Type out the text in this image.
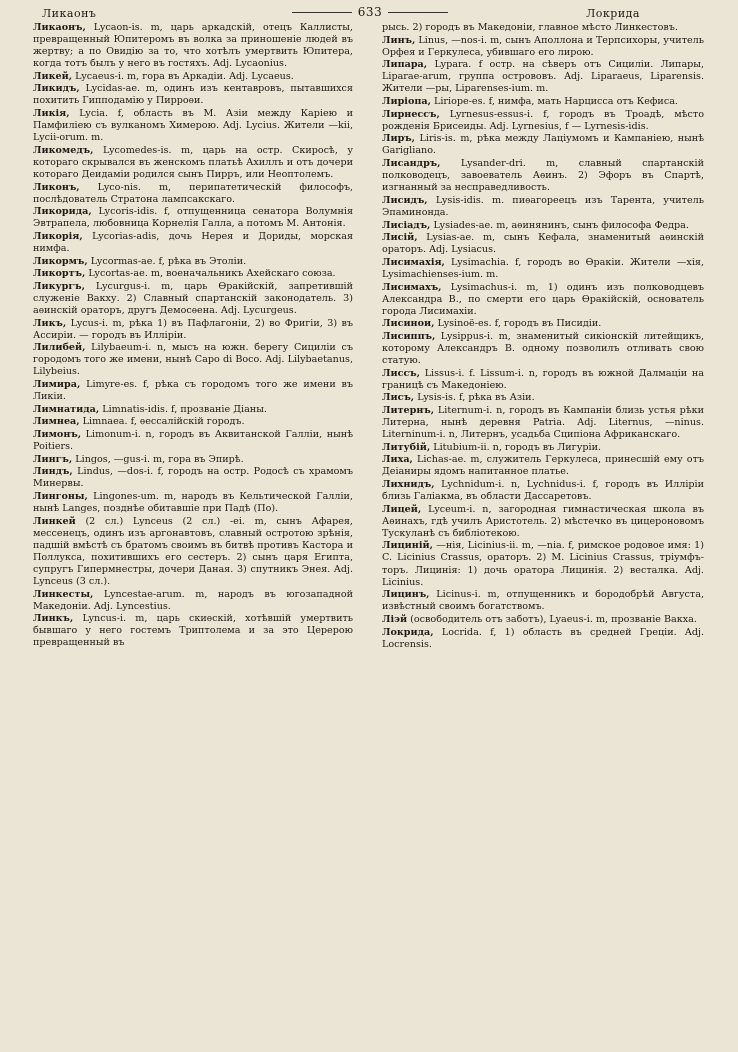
Ликаонъ	633	Локрида
Ликаонъ, Lycaon-is. m, царь аркадскій, отецъ Каллисты, превращенный Юпитеромъ въ волка за приношеніе людей въ жертву; а по Овидію за то, что хотѣлъ умертвить Юпитера, когда тотъ былъ у него въ гостяхъ. Adj. Lycaonius.
Ликей, Lycaeus-i. m, гора въ Аркадіи. Adj. Lycaeus.
Ликидъ, Lycidas-ae. m, одинъ изъ кентавровъ, пытавшихся похитить Гипподамію у Пирроѳи.
Ликія, Lycia. f, область въ М. Азіи между Каріею и Памфиліею съ вулканомъ Химерою. Adj. Lycius. Жители —kii, Lycii-orum. m.
Ликомедъ, Lycomedes-is. m, царь на остр. Скиросѣ, у котораго скрывался въ женскомъ платьѣ Ахиллъ и отъ дочери котораго Деидаміи родился сынъ Пирръ, или Неоптолемъ.
Ликонъ, Lyco-nis. m, перипатетическій философъ, послѣдователь Стратона лампсакскаго.
Ликорида, Lycoris-idis. f, отпущенница сенатора Волумнія Эвтрапела, любовница Корнелія Галла, а потомъ М. Антонія.
Ликорія, Lycorias-adis, дочь Нерея и Дориды, морская нимфа.
Ликормъ, Lycormas-ae. f, рѣка въ Этоліи.
Ликортъ, Lycortas-ae. m, военачальникъ Ахейскаго союза.
Ликургъ, Lycurgus-i. m, царь Ѳракійскій, запретившій служеніе Вакху. 2) Славный спартанскій законодатель. 3) аѳинскій ораторъ, другъ Демосѳена. Adj. Lycurgeus.
Ликъ, Lycus-i. m, рѣка 1) въ Пафлагоніи, 2) во Фригіи, 3) въ Ассиріи. — городъ въ Илліріи.
Лилибей, Lilybaeum-i. n, мысъ на южн. берегу Сициліи съ городомъ того же имени, нынѣ Capo di Boco. Adj. Lilybaetanus, Lilybeius.
Лимира, Limyre-es. f, рѣка съ городомъ того же имени въ Ликіи.
Лимнатида, Limnatis-idis. f, прозваніе Діаны.
Лимнеа, Limnaea. f, ѳессалійскій городъ.
Лимонъ, Limonum-i. n, городъ въ Аквитанской Галліи, нынѣ Poitiers.
Лингъ, Lingos, —gus-i. m, гора въ Эпирѣ.
Линдъ, Lindus, —dos-i. f, городъ на остр. Родосѣ съ храмомъ Минервы.
Лингоны, Lingones-um. m, народъ въ Кельтической Галліи, нынѣ Langes, позднѣе обитавшіе при Падѣ (По).
Линкей (2 сл.) Lynceus (2 сл.) -ei. m, сынъ Афарея, мессенецъ, одинъ изъ аргонавтовъ, славный остротою зрѣнія, падшій вмѣстѣ съ братомъ своимъ въ битвѣ противъ Кастора и Поллукса, похитившихъ его сестеръ. 2) сынъ царя Египта, супругъ Гипермнестры, дочери Даная. 3) спутникъ Энея. Adj. Lynceus (3 сл.).
Линкесты, Lyncestae-arum. m, народъ въ югозападной Македоніи. Adj. Lyncestius.
Линкъ, Lyncus-i. m, царь скиѳскій, хотѣвшій умертвить бывшаго у него гостемъ Триптолема и за это Церерою превращенный въ
рысь. 2) городъ въ Македоніи, главное мѣсто Линкестовъ.
Линъ, Linus, —nos-i. m, сынъ Аполлона и Терпсихоры, учитель Орфея и Геркулеса, убившаго его лирою.
Липара, Lypara. f остр. на сѣверъ отъ Сициліи. Липары, Liparae-arum, группа острововъ. Adj. Liparaeus, Liparensis. Жители —ры, Liparenses-ium. m.
Лиріопа, Liriope-es. f, нимфа, мать Нарцисса отъ Кефиса.
Лирнессъ, Lyrnesus-essus-i. f, городъ въ Троадѣ, мѣсто рожденія Брисеиды. Adj. Lyrnesius, f — Lyrnesis-idis.
Лиръ, Liris-is. m, рѣка между Лаціумомъ и Кампаніею, нынѣ Garigliano.
Лисандръ, Lysander-dri. m, славный спартанскій полководецъ, завоеватель Аѳинъ. 2) Эфоръ въ Спартѣ, изгнанный за несправедливость.
Лисидъ, Lysis-idis. m. пиѳагореецъ изъ Тарента, учитель Эпаминонда.
Лисіадъ, Lysiades-ae. m, аѳинянинъ, сынъ философа Федра.
Лисій, Lysias-ae. m, сынъ Кефала, знаменитый аѳинскій ораторъ. Adj. Lysiacus.
Лисимахія, Lysimachia. f, городъ во Ѳракіи. Жители —хія, Lysimachienses-ium. m.
Лисимахъ, Lysimachus-i. m, 1) одинъ изъ полководцевъ Александра В., по смерти его царь Ѳракійскій, основатель города Лисимахіи.
Лисинои, Lysinoë-es. f, городъ въ Писидіи.
Лисиппъ, Lysippus-i. m, знаменитый сикіонскій литейщикъ, которому Александръ В. одному позволилъ отливать свою статую.
Лиссъ, Lissus-i. f. Lissum-i. n, городъ въ южной Далмаціи на границѣ съ Македоніею.
Лисъ, Lysis-is. f, рѣка въ Азіи.
Литернъ, Liternum-i. n, городъ въ Кампаніи близь устья рѣки Литерна, нынѣ деревня Patria. Adj. Liternus, —ninus. Literninum-i. n, Литернъ, усадьба Сципіона Африканскаго.
Литубій, Litubium-ii. n, городъ въ Лигуріи.
Лиха, Lichas-ae. m, служитель Геркулеса, принесшій ему отъ Деіаниры ядомъ напитанное платье.
Лихнидъ, Lychnidum-i. n, Lychnidus-i. f, городъ въ Илліріи близь Галіакма, въ области Дассаретовъ.
Лицей, Lyceum-i. n, загородная гимнастическая школа въ Аѳинахъ, гдѣ училъ Аристотель. 2) мѣстечко въ цицероновомъ Тускуланѣ съ библіотекою.
Лициній, —нія, Licinius-ii. m, —nia. f, римское родовое имя: 1) C. Licinius Crassus, ораторъ. 2) M. Licinius Crassus, тріумфъ-торъ. Лицинія: 1) дочь оратора Лицинія. 2) весталка. Adj. Licinius.
Лицинъ, Licinus-i. m, отпущенникъ и бородобрѣй Августа, извѣстный своимъ богатствомъ.
Ліэй (освободитель отъ заботъ), Lyaeus-i. m, прозваніе Вакха.
Локрида, Locrida. f, 1) область въ средней Греціи. Adj. Locrensis.
